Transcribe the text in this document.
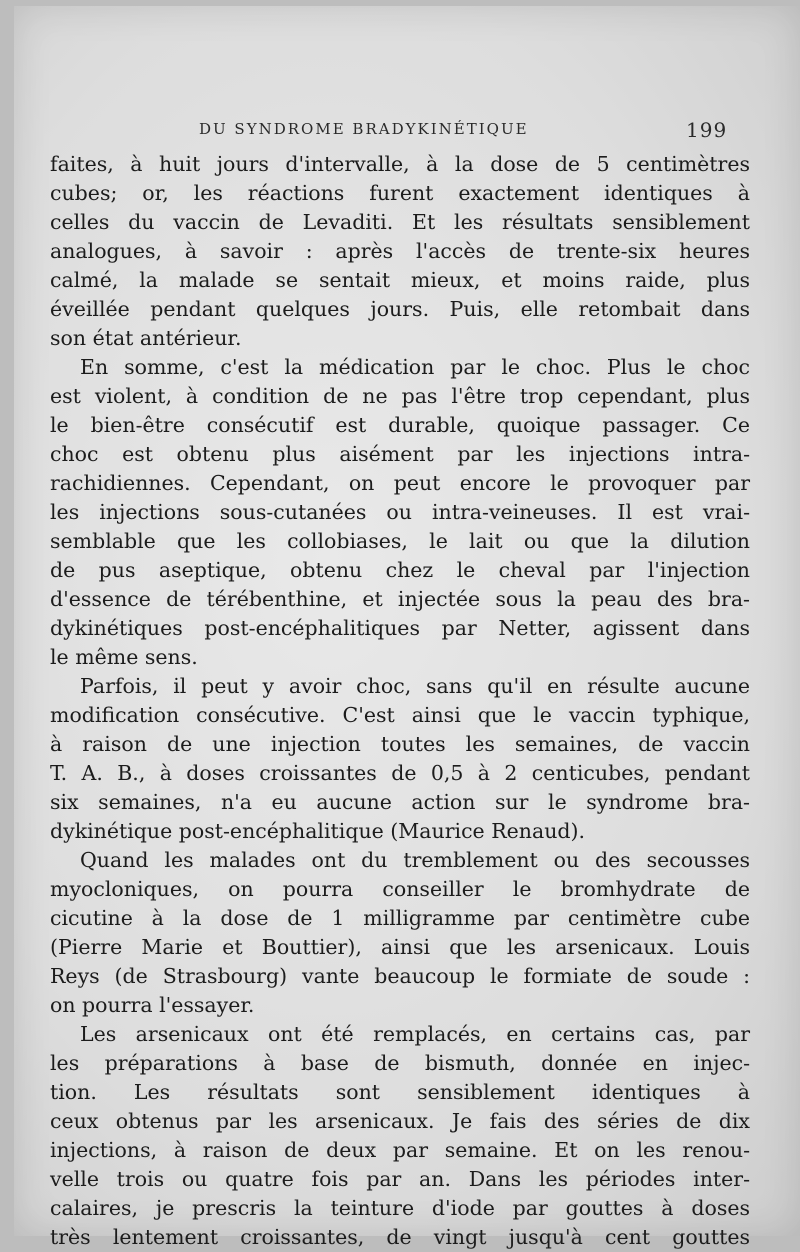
DU SYNDROME BRADYKINÉTIQUE	199
faites, à huit jours d'intervalle, à la dose de 5 centimètres
cubes; or, les réactions furent exactement identiques à
celles du vaccin de Levaditi. Et les résultats sensiblement
analogues, à savoir : après l'accès de trente-six heures
calmé, la malade se sentait mieux, et moins raide, plus
éveillée pendant quelques jours. Puis, elle retombait dans
son état antérieur.
En somme, c'est la médication par le choc. Plus le choc
est violent, à condition de ne pas l'être trop cependant, plus
le bien-être consécutif est durable, quoique passager. Ce
choc est obtenu plus aisément par les injections intra-
rachidiennes. Cependant, on peut encore le provoquer par
les injections sous-cutanées ou intra-veineuses. Il est vrai-
semblable que les collobiases, le lait ou que la dilution
de pus aseptique, obtenu chez le cheval par l'injection
d'essence de térébenthine, et injectée sous la peau des bra-
dykinétiques post-encéphalitiques par Netter, agissent dans
le même sens.
Parfois, il peut y avoir choc, sans qu'il en résulte aucune
modification consécutive. C'est ainsi que le vaccin typhique,
à raison de une injection toutes les semaines, de vaccin
T. A. B., à doses croissantes de 0,5 à 2 centicubes, pendant
six semaines, n'a eu aucune action sur le syndrome bra-
dykinétique post-encéphalitique (Maurice Renaud).
Quand les malades ont du tremblement ou des secousses
myocloniques, on pourra conseiller le bromhydrate de
cicutine à la dose de 1 milligramme par centimètre cube
(Pierre Marie et Bouttier), ainsi que les arsenicaux. Louis
Reys (de Strasbourg) vante beaucoup le formiate de soude :
on pourra l'essayer.
Les arsenicaux ont été remplacés, en certains cas, par
les préparations à base de bismuth, donnée en injec-
tion. Les résultats sont sensiblement identiques à
ceux obtenus par les arsenicaux. Je fais des séries de dix
injections, à raison de deux par semaine. Et on les renou-
velle trois ou quatre fois par an. Dans les périodes inter-
calaires, je prescris la teinture d'iode par gouttes à doses
très lentement croissantes, de vingt jusqu'à cent gouttes
